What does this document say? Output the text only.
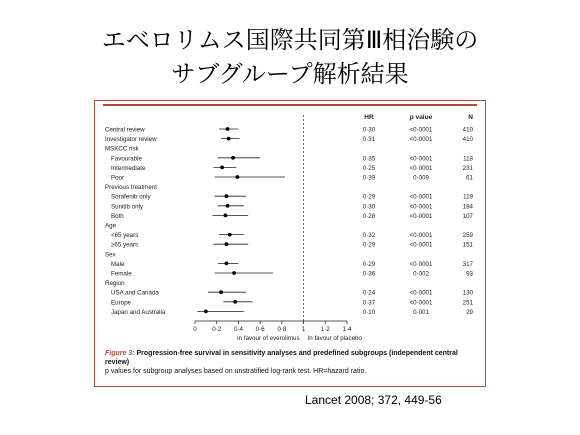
エベロリムス国際共同第Ⅲ相治験の
サブグループ解析結果
HR	p value	N
Central review	0·30	<0·0001	410
Investigator review	0·31	<0·0001	410
MSKCC risk
Favourable	0·35	<0·0001	118
Intermediate	0·25	<0·0001	231
Poor	0·39	0·009	61
Previous treatment
Sorafenib only	0·29	<0·0001	119
Sunitib only	0·30	<0·0001	184
Both	0·28	<0·0001	107
Age
<65 years	0·32	<0·0001	259
≥65 years	0·29	<0·0001	151
Sex
Male	0·29	<0·0001	317
Female	0·36	0·002	93
Region
USA and Canada	0·24	<0·0001	130
Europe	0·37	<0·0001	251
Japan and Australia	0·10	0·001	29
0	0·2 0·4 0·6 0·8	1	1·2 1·4
In favour of everolimus In favour of placebo
Figure 3: Progression-free survival in sensitivity analyses and predefined subgroups (independent central review)
p values for subgroup analyses based on unstratified log-rank test. HR=hazard ratio.
Lancet 2008; 372, 449-56
